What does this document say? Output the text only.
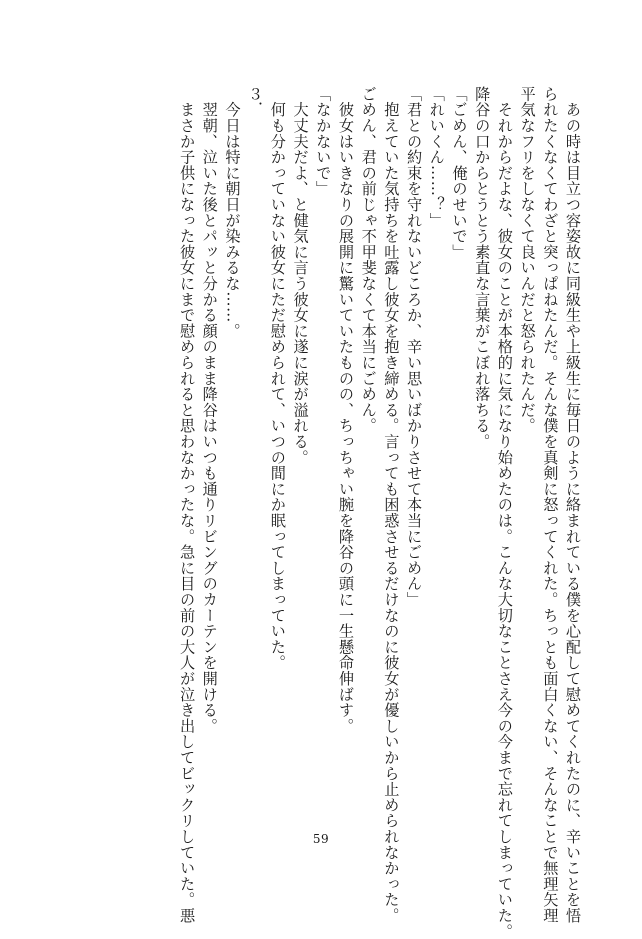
　あの時は目立つ容姿故に同級生や上級生に毎日のように絡まれている僕を心配して慰めてくれたのに、辛いことを悟
られたくなくてわざと突っぱねたんだ。そんな僕を真剣に怒ってくれた。ちっとも面白くない、そんなことで無理矢理
平気なフリをしなくて良いんだと怒られたんだ。
　それからだよな、彼女のことが本格的に気になり始めたのは。こんな大切なことさえ今の今まで忘れてしまっていた。
降谷の口からとうとう素直な言葉がこぼれ落ちる。
「ごめん、俺のせいで」
「れいくん……？」
「君との約束を守れないどころか、辛い思いばかりさせて本当にごめん」
　抱えていた気持ちを吐露し彼女を抱き締める。言っても困惑させるだけなのに彼女が優しいから止められなかった。
ごめん、君の前じゃ不甲斐なくて本当にごめん。
　彼女はいきなりの展開に驚いていたものの、ちっちゃい腕を降谷の頭に一生懸命伸ばす。
「なかないで」
　大丈夫だよ、と健気に言う彼女に遂に涙が溢れる。
　何も分かっていない彼女にただ慰められて、いつの間にか眠ってしまっていた。
３．
　今日は特に朝日が染みるな……。
　翌朝、泣いた後とパッと分かる顔のまま降谷はいつも通りリビングのカーテンを開ける。
　まさか子供になった彼女にまで慰められると思わなかったな。急に目の前の大人が泣き出してビックリしていた。悪	59
